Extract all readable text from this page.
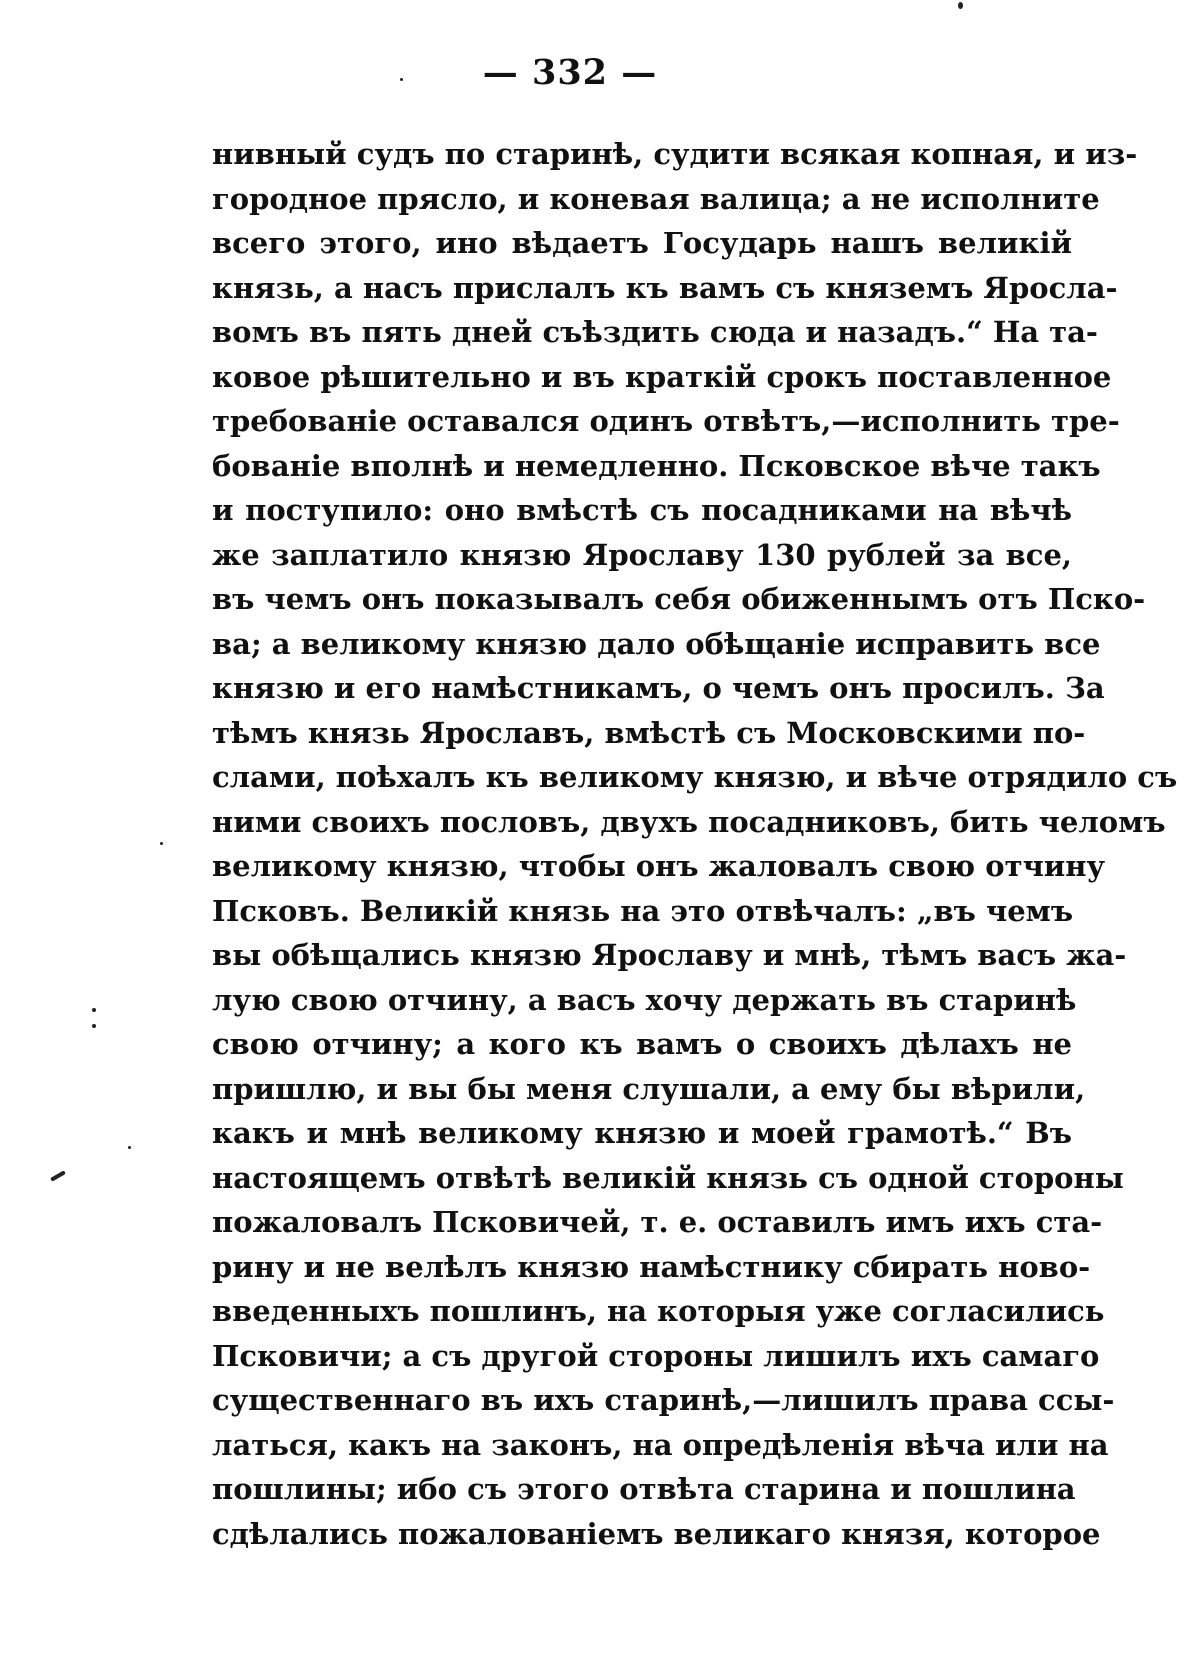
— 332 —
нивный судъ по старинѣ, судити всякая копная, и из-
городное прясло, и коневая валица; а не исполните
всего этого, ино вѣдаетъ Государь нашъ великій
князь, а насъ прислалъ къ вамъ съ княземъ Яросла-
вомъ въ пять дней съѣздить сюда и назадъ.“ На та-
ковое рѣшительно и въ краткій срокъ поставленное
требованіе оставался одинъ отвѣтъ,—исполнить тре-
бованіе вполнѣ и немедленно. Псковское вѣче такъ
и поступило: оно вмѣстѣ съ посадниками на вѣчѣ
же заплатило князю Ярославу 130 рублей за все,
въ чемъ онъ показывалъ себя обиженнымъ отъ Пско-
ва; а великому князю дало обѣщаніе исправить все
князю и его намѣстникамъ, о чемъ онъ просилъ. За
тѣмъ князь Ярославъ, вмѣстѣ съ Московскими по-
слами, поѣхалъ къ великому князю, и вѣче отрядило съ
ними своихъ пословъ, двухъ посадниковъ, бить челомъ
великому князю, чтобы онъ жаловалъ свою отчину
Псковъ. Великій князь на это отвѣчалъ: „въ чемъ
вы обѣщались князю Ярославу и мнѣ, тѣмъ васъ жа-
лую свою отчину, а васъ хочу держать въ старинѣ
свою отчину; а кого къ вамъ о своихъ дѣлахъ не
пришлю, и вы бы меня слушали, а ему бы вѣрили,
какъ и мнѣ великому князю и моей грамотѣ.“ Въ
настоящемъ отвѣтѣ великій князь съ одной стороны
пожаловалъ Псковичей, т. е. оставилъ имъ ихъ ста-
рину и не велѣлъ князю намѣстнику сбирать ново-
введенныхъ пошлинъ, на которыя уже согласились
Псковичи; а съ другой стороны лишилъ ихъ самаго
существеннаго въ ихъ старинѣ,—лишилъ права ссы-
латься, какъ на законъ, на опредѣленія вѣча или на
пошлины; ибо съ этого отвѣта старина и пошлина
сдѣлались пожалованіемъ великаго князя, которое
